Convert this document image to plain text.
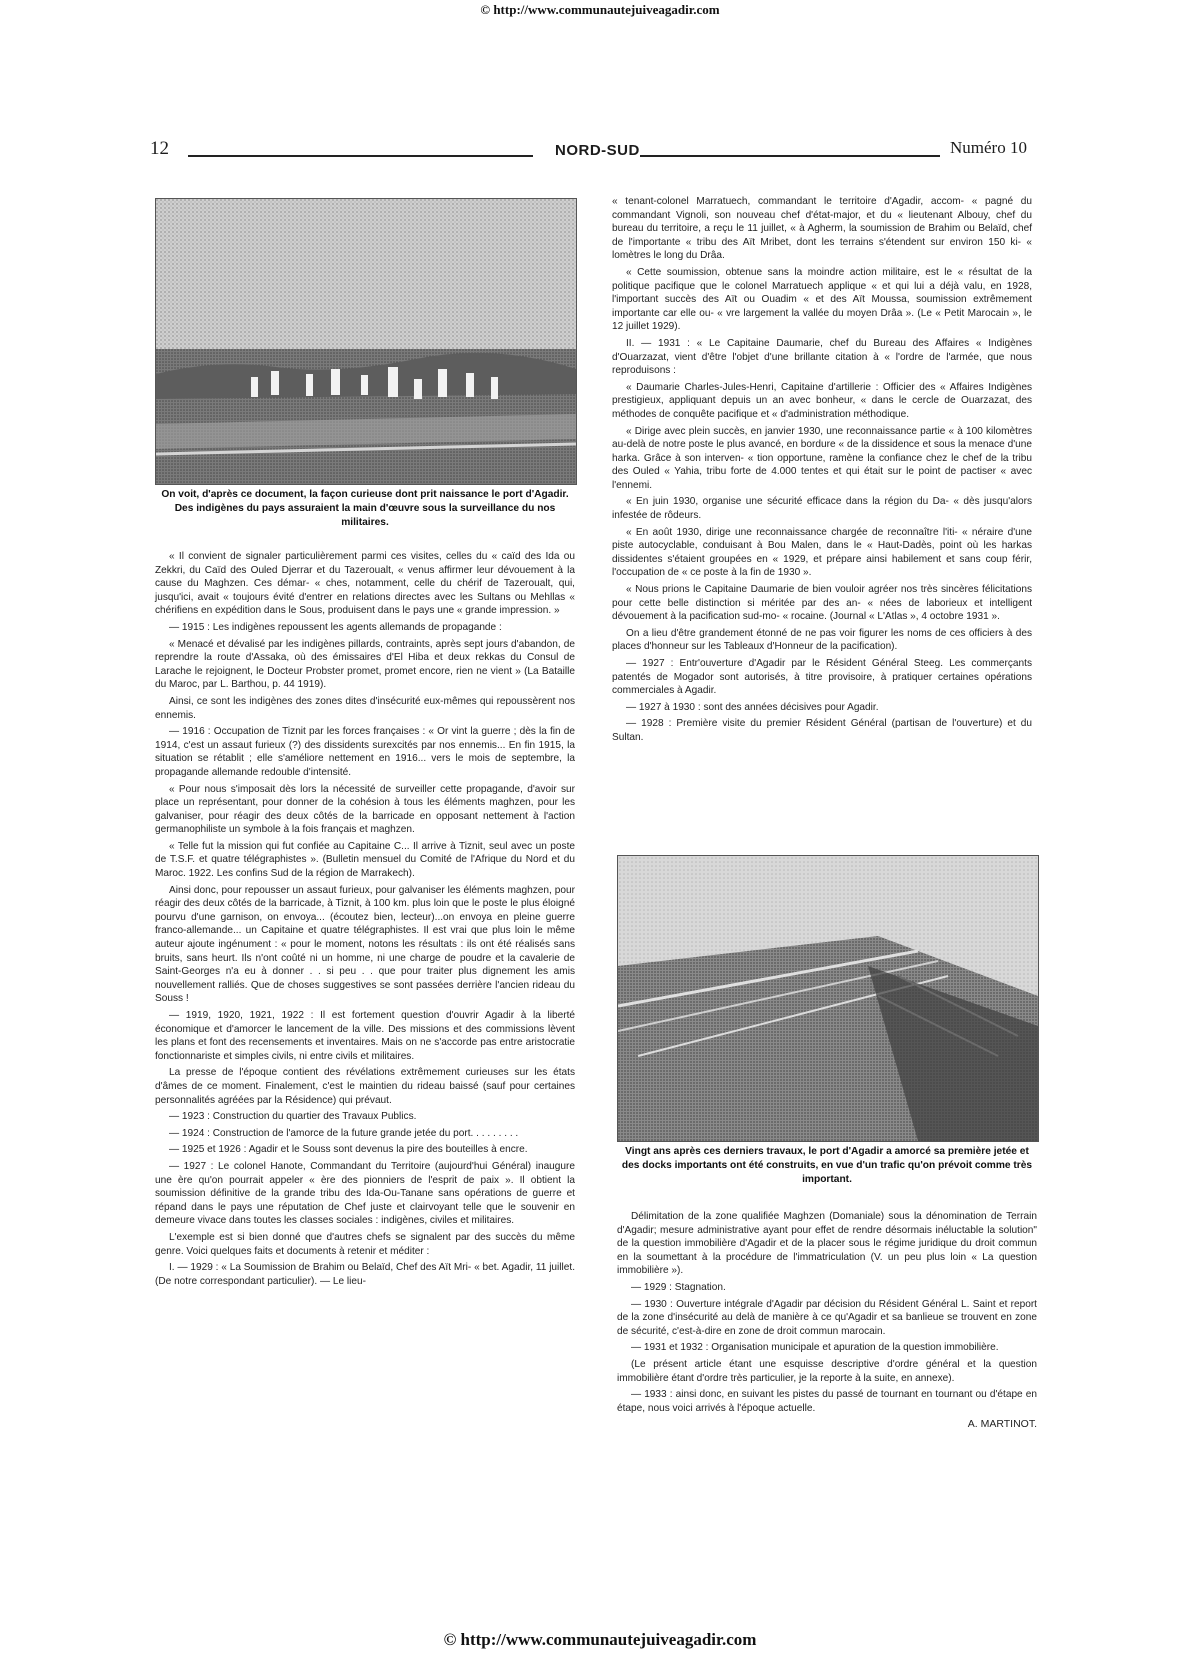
© http://www.communautejuiveagadir.com
12	NORD-SUD	Numéro 10
On voit, d'après ce document, la façon curieuse dont prit naissance le port d'Agadir. Des indigènes du pays assuraient la main d'œuvre sous la surveillance du nos militaires.

« Il convient de signaler particulièrement parmi ces visites, celles du « caïd des Ida ou Zekkri, du Caïd des Ouled Djerrar et du Tazeroualt, « venus affirmer leur dévouement à la cause du Maghzen. Ces démar- « ches, notamment, celle du chérif de Tazeroualt, qui, jusqu'ici, avait « toujours évité d'entrer en relations directes avec les Sultans ou Mehllas « chérifiens en expédition dans le Sous, produisent dans le pays une « grande impression. »

— 1915 : Les indigènes repoussent les agents allemands de propagande :

« Menacé et dévalisé par les indigènes pillards, contraints, après sept jours d'abandon, de reprendre la route d'Assaka, où des émissaires d'El Hiba et deux rekkas du Consul de Larache le rejoignent, le Docteur Probster promet, promet encore, rien ne vient » (La Bataille du Maroc, par L. Barthou, p. 44 1919).

Ainsi, ce sont les indigènes des zones dites d'insécurité eux-mêmes qui repoussèrent nos ennemis.

— 1916 : Occupation de Tiznit par les forces françaises : « Or vint la guerre ; dès la fin de 1914, c'est un assaut furieux (?) des dissidents surexcités par nos ennemis... En fin 1915, la situation se rétablit ; elle s'améliore nettement en 1916... vers le mois de septembre, la propagande allemande redouble d'intensité.

« Pour nous s'imposait dès lors la nécessité de surveiller cette propagande, d'avoir sur place un représentant, pour donner de la cohésion à tous les éléments maghzen, pour les galvaniser, pour réagir des deux côtés de la barricade en opposant nettement à l'action germanophiliste un symbole à la fois français et maghzen.

« Telle fut la mission qui fut confiée au Capitaine C... Il arrive à Tiznit, seul avec un poste de T.S.F. et quatre télégraphistes ». (Bulletin mensuel du Comité de l'Afrique du Nord et du Maroc. 1922. Les confins Sud de la région de Marrakech).

Ainsi donc, pour repousser un assaut furieux, pour galvaniser les éléments maghzen, pour réagir des deux côtés de la barricade, à Tiznit, à 100 km. plus loin que le poste le plus éloigné pourvu d'une garnison, on envoya... (écoutez bien, lecteur)...on envoya en pleine guerre franco-allemande... un Capitaine et quatre télégraphistes. Il est vrai que plus loin le même auteur ajoute ingénument : « pour le moment, notons les résultats : ils ont été réalisés sans bruits, sans heurt. Ils n'ont coûté ni un homme, ni une charge de poudre et la cavalerie de Saint-Georges n'a eu à donner . . si peu . . que pour traiter plus dignement les amis nouvellement ralliés. Que de choses suggestives se sont passées derrière l'ancien rideau du Souss !

— 1919, 1920, 1921, 1922 : Il est fortement question d'ouvrir Agadir à la liberté économique et d'amorcer le lancement de la ville. Des missions et des commissions lèvent les plans et font des recensements et inventaires. Mais on ne s'accorde pas entre aristocratie fonctionnariste et simples civils, ni entre civils et militaires.

La presse de l'époque contient des révélations extrêmement curieuses sur les états d'âmes de ce moment. Finalement, c'est le maintien du rideau baissé (sauf pour certaines personnalités agréées par la Résidence) qui prévaut.

— 1923 : Construction du quartier des Travaux Publics.

— 1924 : Construction de l'amorce de la future grande jetée du port. . . . . . . . .

— 1925 et 1926 : Agadir et le Souss sont devenus la pire des bouteilles à encre.

— 1927 : Le colonel Hanote, Commandant du Territoire (aujourd'hui Général) inaugure une ère qu'on pourrait appeler « ère des pionniers de l'esprit de paix ». Il obtient la soumission définitive de la grande tribu des Ida-Ou-Tanane sans opérations de guerre et répand dans le pays une réputation de Chef juste et clairvoyant telle que le souvenir en demeure vivace dans toutes les classes sociales : indigènes, civiles et militaires.

L'exemple est si bien donné que d'autres chefs se signalent par des succès du même genre. Voici quelques faits et documents à retenir et méditer :

I. — 1929 : « La Soumission de Brahim ou Belaïd, Chef des Aït Mri- « bet. Agadir, 11 juillet. (De notre correspondant particulier). — Le lieu-

« tenant-colonel Marratuech, commandant le territoire d'Agadir, accom- « pagné du commandant Vignoli, son nouveau chef d'état-major, et du « lieutenant Albouy, chef du bureau du territoire, a reçu le 11 juillet, « à Agherm, la soumission de Brahim ou Belaïd, chef de l'importante « tribu des Aït Mribet, dont les terrains s'étendent sur environ 150 ki- « lomètres le long du Drâa.

« Cette soumission, obtenue sans la moindre action militaire, est le « résultat de la politique pacifique que le colonel Marratuech applique « et qui lui a déjà valu, en 1928, l'important succès des Aït ou Ouadim « et des Aït Moussa, soumission extrêmement importante car elle ou- « vre largement la vallée du moyen Drâa ». (Le « Petit Marocain », le 12 juillet 1929).

II. — 1931 : « Le Capitaine Daumarie, chef du Bureau des Affaires « Indigènes d'Ouarzazat, vient d'être l'objet d'une brillante citation à « l'ordre de l'armée, que nous reproduisons :

« Daumarie Charles-Jules-Henri, Capitaine d'artillerie : Officier des « Affaires Indigènes prestigieux, appliquant depuis un an avec bonheur, « dans le cercle de Ouarzazat, des méthodes de conquête pacifique et « d'administration méthodique.

« Dirige avec plein succès, en janvier 1930, une reconnaissance partie « à 100 kilomètres au-delà de notre poste le plus avancé, en bordure « de la dissidence et sous la menace d'une harka. Grâce à son interven- « tion opportune, ramène la confiance chez le chef de la tribu des Ouled « Yahia, tribu forte de 4.000 tentes et qui était sur le point de pactiser « avec l'ennemi.

« En juin 1930, organise une sécurité efficace dans la région du Da- « dès jusqu'alors infestée de rôdeurs.

« En août 1930, dirige une reconnaissance chargée de reconnaître l'iti- « néraire d'une piste autocyclable, conduisant à Bou Malen, dans le « Haut-Dadès, point où les harkas dissidentes s'étaient groupées en « 1929, et prépare ainsi habilement et sans coup férir, l'occupation de « ce poste à la fin de 1930 ».

« Nous prions le Capitaine Daumarie de bien vouloir agréer nos très sincères félicitations pour cette belle distinction si méritée par des an- « nées de laborieux et intelligent dévouement à la pacification sud-mo- « rocaine. (Journal « L'Atlas », 4 octobre 1931 ».

On a lieu d'être grandement étonné de ne pas voir figurer les noms de ces officiers à des places d'honneur sur les Tableaux d'Honneur de la pacification).

— 1927 : Entr'ouverture d'Agadir par le Résident Général Steeg. Les commerçants patentés de Mogador sont autorisés, à titre provisoire, à pratiquer certaines opérations commerciales à Agadir.

— 1927 à 1930 : sont des années décisives pour Agadir.

— 1928 : Première visite du premier Résident Général (partisan de l'ouverture) et du Sultan.

Vingt ans après ces derniers travaux, le port d'Agadir a amorcé sa première jetée et des docks importants ont été construits, en vue d'un trafic qu'on prévoit comme très important.

Délimitation de la zone qualifiée Maghzen (Domaniale) sous la dénomination de Terrain d'Agadir; mesure administrative ayant pour effet de rendre désormais inéluctable la solution" de la question immobilière d'Agadir et de la placer sous le régime juridique du droit commun en la soumettant à la procédure de l'immatriculation (V. un peu plus loin « La question immobilière »).

— 1929 : Stagnation.

— 1930 : Ouverture intégrale d'Agadir par décision du Résident Général L. Saint et report de la zone d'insécurité au delà de manière à ce qu'Agadir et sa banlieue se trouvent en zone de sécurité, c'est-à-dire en zone de droit commun marocain.

— 1931 et 1932 : Organisation municipale et apuration de la question immobilière.

(Le présent article étant une esquisse descriptive d'ordre général et la question immobilière étant d'ordre très particulier, je la reporte à la suite, en annexe).

— 1933 : ainsi donc, en suivant les pistes du passé de tournant en tournant ou d'étape en étape, nous voici arrivés à l'époque actuelle.

A. MARTINOT.

© http://www.communautejuiveagadir.com
